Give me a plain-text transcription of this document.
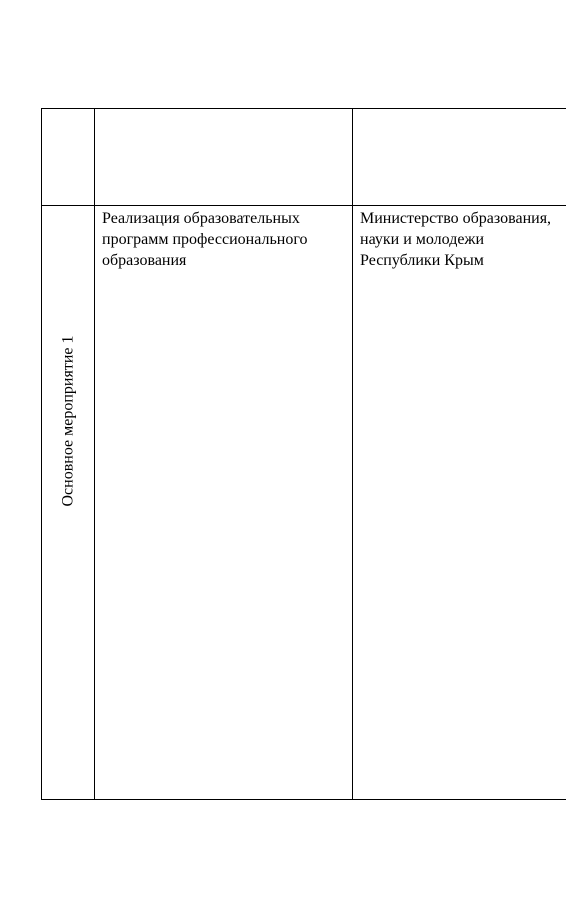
Основное мероприятие 1	Реализация образовательных программ профессионального образования	Министерство образования, науки и молодежи Республики Крым
